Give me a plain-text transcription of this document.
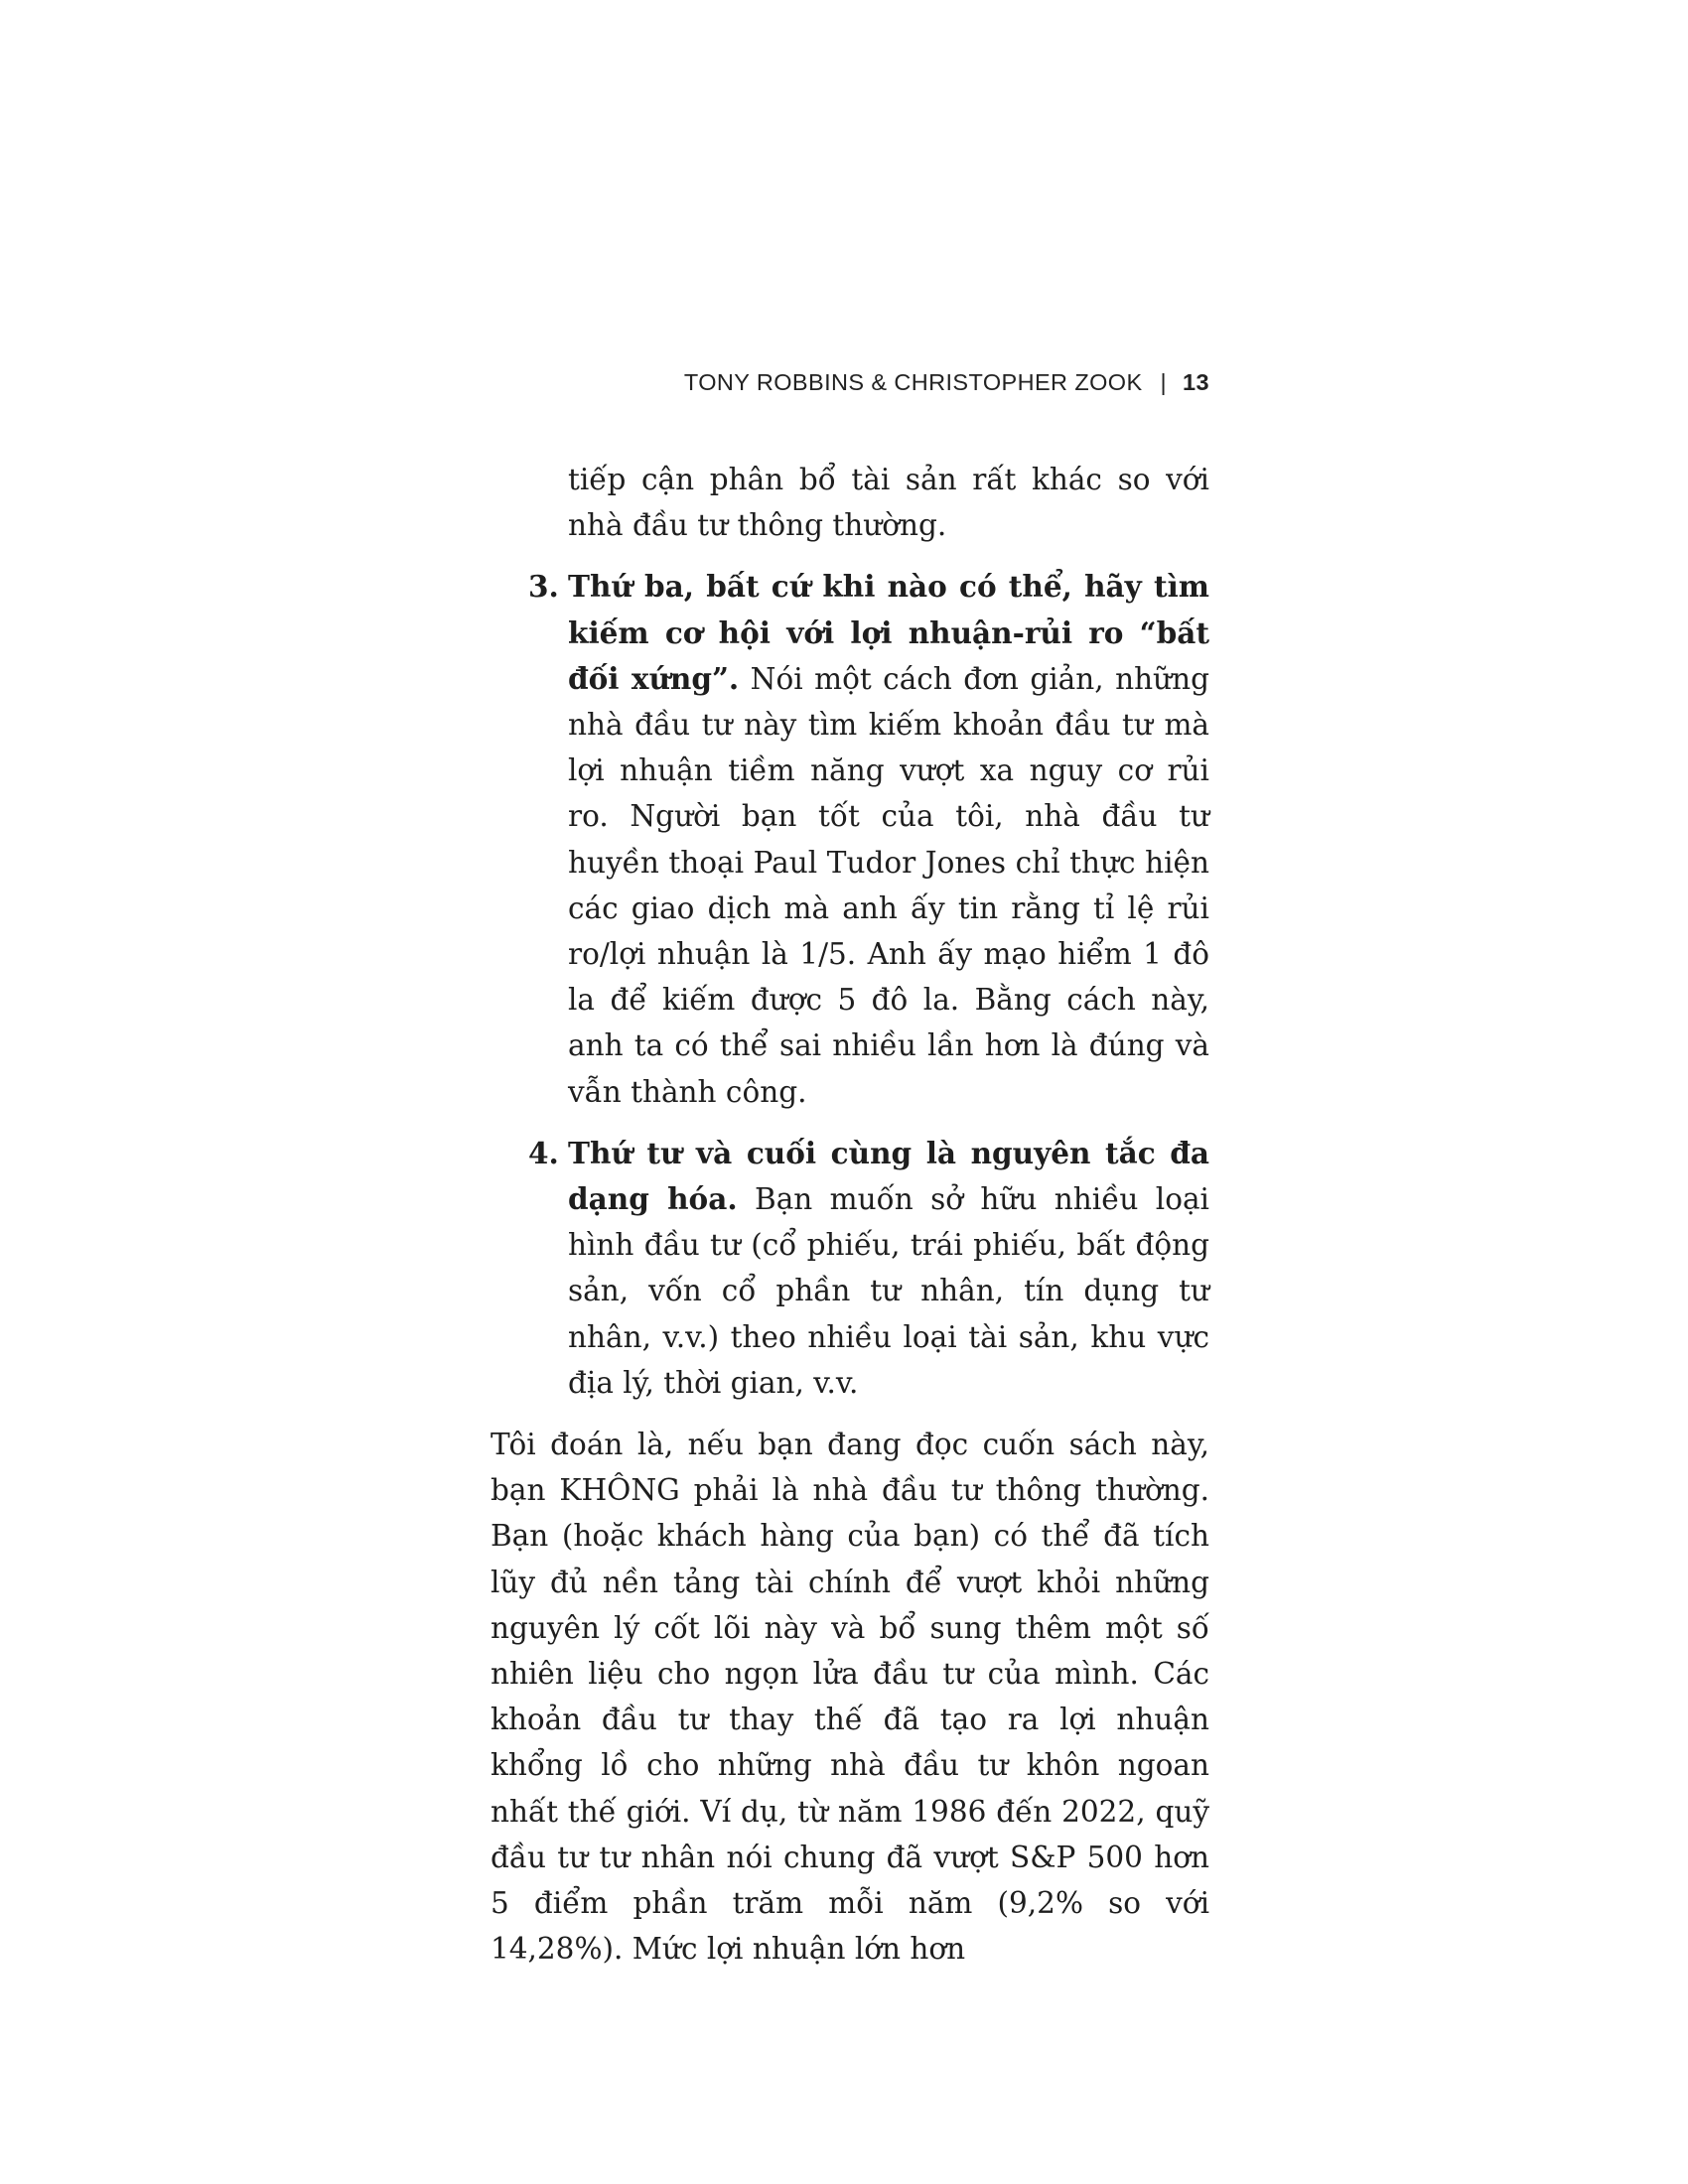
TONY ROBBINS & CHRISTOPHER ZOOK | 13

tiếp cận phân bổ tài sản rất khác so với nhà đầu tư thông thường.

3. Thứ ba, bất cứ khi nào có thể, hãy tìm kiếm cơ hội với lợi nhuận-rủi ro “bất đối xứng”. Nói một cách đơn giản, những nhà đầu tư này tìm kiếm khoản đầu tư mà lợi nhuận tiềm năng vượt xa nguy cơ rủi ro. Người bạn tốt của tôi, nhà đầu tư huyền thoại Paul Tudor Jones chỉ thực hiện các giao dịch mà anh ấy tin rằng tỉ lệ rủi ro/lợi nhuận là 1/5. Anh ấy mạo hiểm 1 đô la để kiếm được 5 đô la. Bằng cách này, anh ta có thể sai nhiều lần hơn là đúng và vẫn thành công.

4. Thứ tư và cuối cùng là nguyên tắc đa dạng hóa. Bạn muốn sở hữu nhiều loại hình đầu tư (cổ phiếu, trái phiếu, bất động sản, vốn cổ phần tư nhân, tín dụng tư nhân, v.v.) theo nhiều loại tài sản, khu vực địa lý, thời gian, v.v.

Tôi đoán là, nếu bạn đang đọc cuốn sách này, bạn KHÔNG phải là nhà đầu tư thông thường. Bạn (hoặc khách hàng của bạn) có thể đã tích lũy đủ nền tảng tài chính để vượt khỏi những nguyên lý cốt lõi này và bổ sung thêm một số nhiên liệu cho ngọn lửa đầu tư của mình. Các khoản đầu tư thay thế đã tạo ra lợi nhuận khổng lồ cho những nhà đầu tư khôn ngoan nhất thế giới. Ví dụ, từ năm 1986 đến 2022, quỹ đầu tư tư nhân nói chung đã vượt S&P 500 hơn 5 điểm phần trăm mỗi năm (9,2% so với 14,28%). Mức lợi nhuận lớn hơn
